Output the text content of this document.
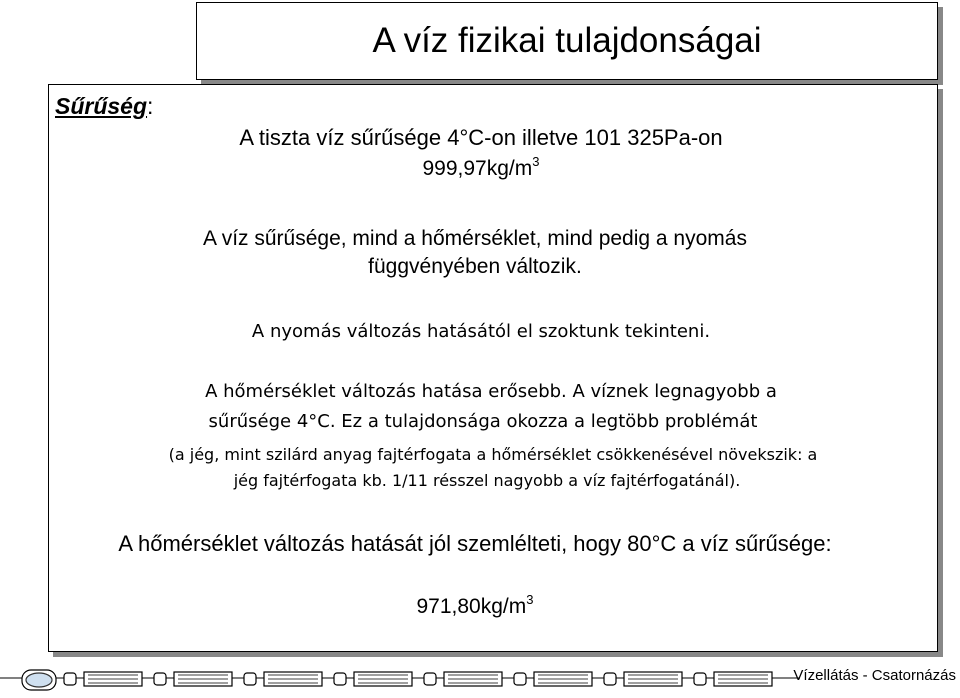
A víz fizikai tulajdonságai
Sűrűség:
A tiszta víz sűrűsége 4°C-on illetve 101 325Pa-on
$999,97kg/m^3$
A víz sűrűsége, mind a hőmérséklet, mind pedig a nyomás
függvényében változik.
A nyomás változás hatásától el szoktunk tekinteni.
A hőmérséklet változás hatása erősebb. A víznek legnagyobb a
sűrűsége 4°C. Ez a tulajdonsága okozza a legtöbb problémát
(a jég, mint szilárd anyag fajtérfogata a hőmérséklet csökkenésével növekszik: a
jég fajtérfogata kb. 1/11 résszel nagyobb a víz fajtérfogatánál).
A hőmérséklet változás hatását jól szemlélteti, hogy 80°C a víz sűrűsége:
$971,80kg/m^3$
Vízellátás - Csatornázás
